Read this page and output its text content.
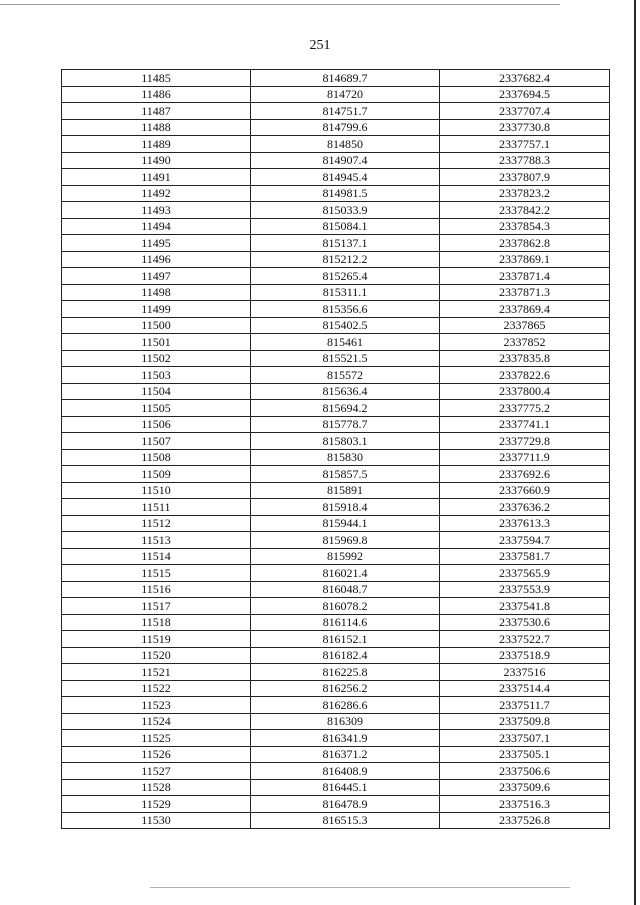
251
11485	814689.7	2337682.4
11486	814720	2337694.5
11487	814751.7	2337707.4
11488	814799.6	2337730.8
11489	814850	2337757.1
11490	814907.4	2337788.3
11491	814945.4	2337807.9
11492	814981.5	2337823.2
11493	815033.9	2337842.2
11494	815084.1	2337854.3
11495	815137.1	2337862.8
11496	815212.2	2337869.1
11497	815265.4	2337871.4
11498	815311.1	2337871.3
11499	815356.6	2337869.4
11500	815402.5	2337865
11501	815461	2337852
11502	815521.5	2337835.8
11503	815572	2337822.6
11504	815636.4	2337800.4
11505	815694.2	2337775.2
11506	815778.7	2337741.1
11507	815803.1	2337729.8
11508	815830	2337711.9
11509	815857.5	2337692.6
11510	815891	2337660.9
11511	815918.4	2337636.2
11512	815944.1	2337613.3
11513	815969.8	2337594.7
11514	815992	2337581.7
11515	816021.4	2337565.9
11516	816048.7	2337553.9
11517	816078.2	2337541.8
11518	816114.6	2337530.6
11519	816152.1	2337522.7
11520	816182.4	2337518.9
11521	816225.8	2337516
11522	816256.2	2337514.4
11523	816286.6	2337511.7
11524	816309	2337509.8
11525	816341.9	2337507.1
11526	816371.2	2337505.1
11527	816408.9	2337506.6
11528	816445.1	2337509.6
11529	816478.9	2337516.3
11530	816515.3	2337526.8
